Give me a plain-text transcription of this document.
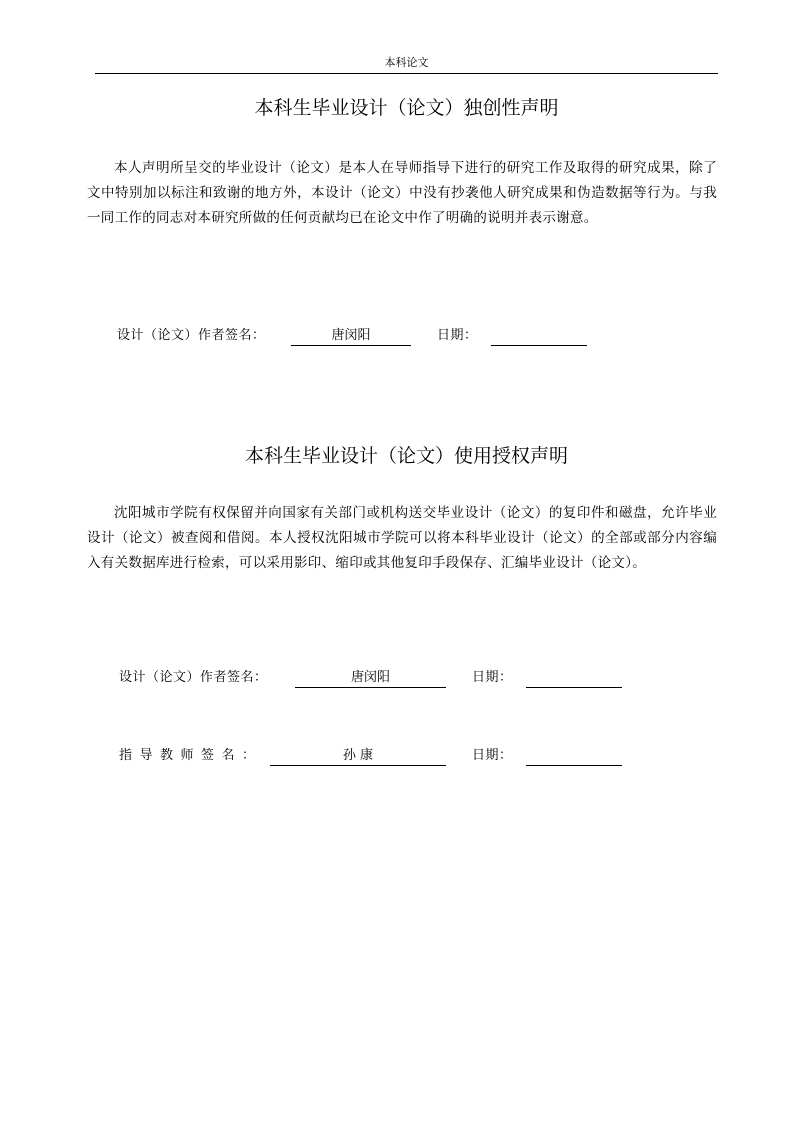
本科论文
本科生毕业设计（论文）独创性声明

本人声明所呈交的毕业设计（论文）是本人在导师指导下进行的研究工作及取得的研究成果，除了文中特别加以标注和致谢的地方外，本设计（论文）中没有抄袭他人研究成果和伪造数据等行为。与我一同工作的同志对本研究所做的任何贡献均已在论文中作了明确的说明并表示谢意。

设计（论文）作者签名：	唐闵阳	日期：
本科生毕业设计（论文）使用授权声明

沈阳城市学院有权保留并向国家有关部门或机构送交毕业设计（论文）的复印件和磁盘，允许毕业设计（论文）被查阅和借阅。本人授权沈阳城市学院可以将本科毕业设计（论文）的全部或部分内容编入有关数据库进行检索，可以采用影印、缩印或其他复印手段保存、汇编毕业设计（论文）。

设计（论文）作者签名：	唐闵阳	日期：
指导教师签名：	孙 康	日期：
